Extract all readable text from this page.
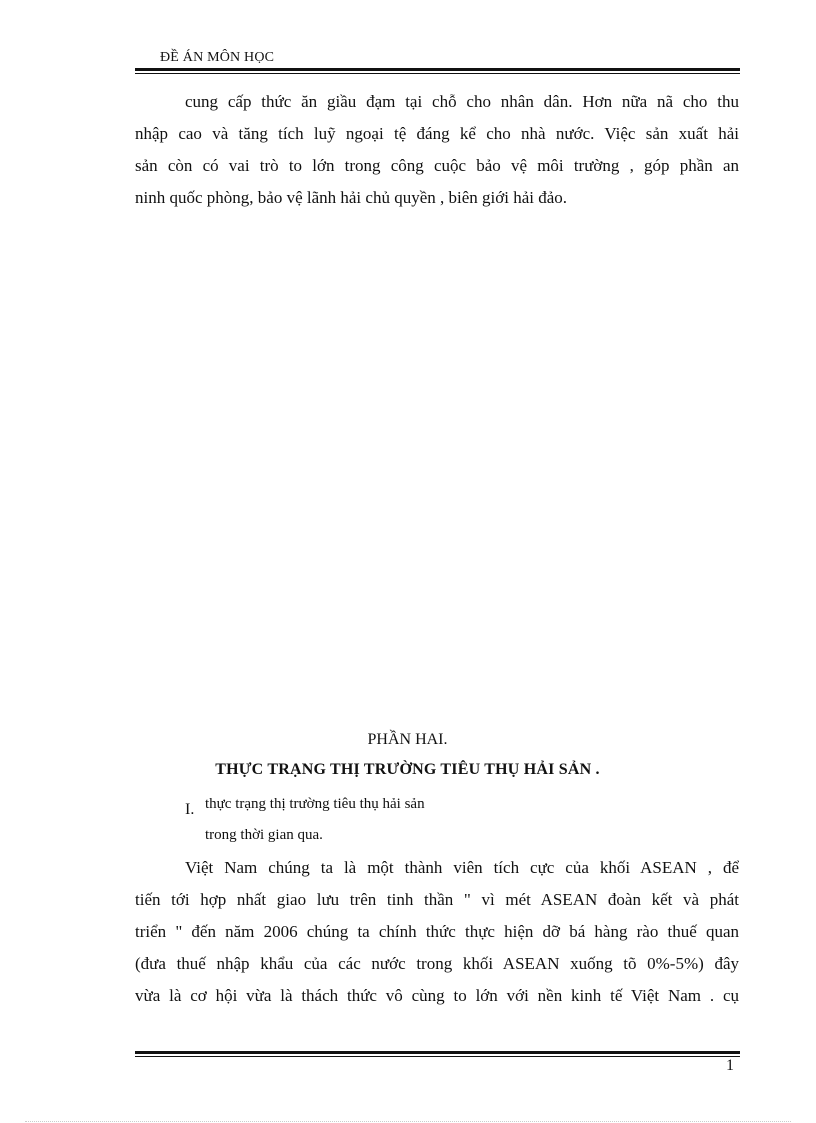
ĐỀ ÁN MÔN HỌC
cung cấp thức ăn giầu đạm tại chỗ cho nhân dân. Hơn nữa nã cho thu
nhập cao và tăng tích luỹ ngoại tệ đáng kể cho nhà nước. Việc sản xuất hải
sản còn có vai trò to lớn trong công cuộc bảo vệ môi trường , góp phần an
ninh quốc phòng, bảo vệ lãnh hải chủ quyền , biên giới hải đảo.
PHẦN HAI.
THỰC TRẠNG THỊ TRƯỜNG TIÊU THỤ HẢI SẢN .
I. thực trạng thị trường tiêu thụ hải sản
trong thời gian qua.
Việt Nam chúng ta là một thành viên tích cực của khối ASEAN , để
tiến tới hợp nhất giao lưu trên tinh thần " vì mét ASEAN đoàn kết và phát
triển " đến năm 2006 chúng ta chính thức thực hiện dỡ bá hàng rào thuế quan
(đưa thuế nhập khẩu của các nước trong khối ASEAN xuống tõ 0%-5%) đây
vừa là cơ hội vừa là thách thức vô cùng to lớn với nền kinh tế Việt Nam . cụ
1
